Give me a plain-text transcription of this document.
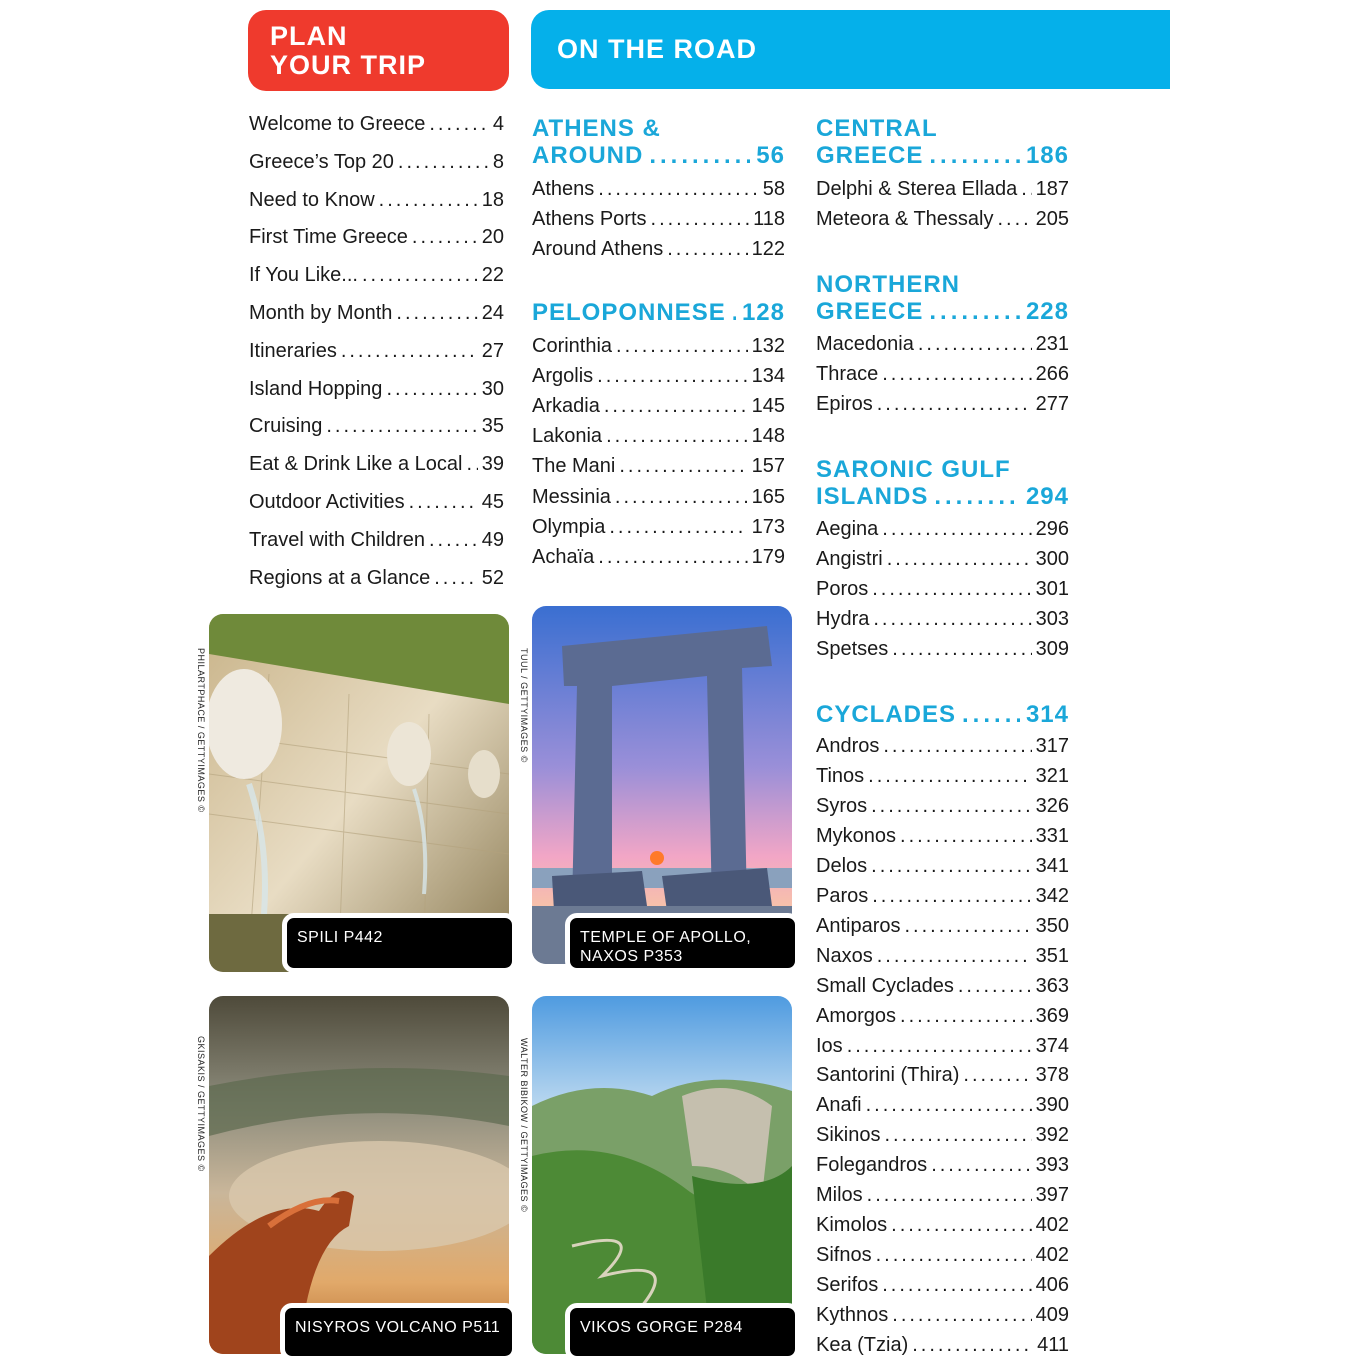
PLAN
YOUR TRIP
ON THE ROAD
Welcome to Greece .....	4
Greece’s Top 20 .....	8
Need to Know .....	18
First Time Greece .....	20
If You Like... .....	22
Month by Month .....	24
Itineraries .....	27
Island Hopping .....	30
Cruising .....	35
Eat & Drink Like a Local ..... 39
Outdoor Activities .....	45
Travel with Children .....	49
Regions at a Glance .....	52
ATHENS &
AROUND .....	56
Athens .....	58
Athens Ports .....	118
Around Athens .....	122
PELOPONNESE ..... 128
Corinthia .....	132
Argolis .....	134
Arkadia .....	145
Lakonia .....	148
The Mani .....	157
Messinia .....	165
Olympia .....	173
Achaïa .....	179
CENTRAL
GREECE .....	186
Delphi & Sterea Ellada ..... 187
Meteora & Thessaly ..... 205
NORTHERN
GREECE .....	228
Macedonia .....	231
Thrace .....	266
Epiros .....	277
SARONIC GULF
ISLANDS .....	294
Aegina .....	296
Angistri .....	300
Poros .....	301
Hydra .....	303
Spetses .....	309
CYCLADES .....	314
Andros .....	317
Tinos .....	321
Syros .....	326
Mykonos .....	331
Delos .....	341
Paros .....	342
Antiparos .....	350
Naxos .....	351
Small Cyclades .....	363
Amorgos .....	369
Ios .....	374
Santorini (Thira) .....	378
Anafi .....	390
Sikinos .....	392
Folegandros .....	393
Milos .....	397
Kimolos .....	402
Sifnos .....	402
Serifos .....	406
Kythnos .....	409
Kea (Tzia) .....	411
SPILI P442
PHILARTPHACE / GETTYIMAGES ©
TEMPLE OF APOLLO, NAXOS P353
TUUL / GETTYIMAGES ©
NISYROS VOLCANO P511
GKISAKIS / GETTYIMAGES ©
VIKOS GORGE P284
WALTER BIBIKOW / GETTYIMAGES ©
